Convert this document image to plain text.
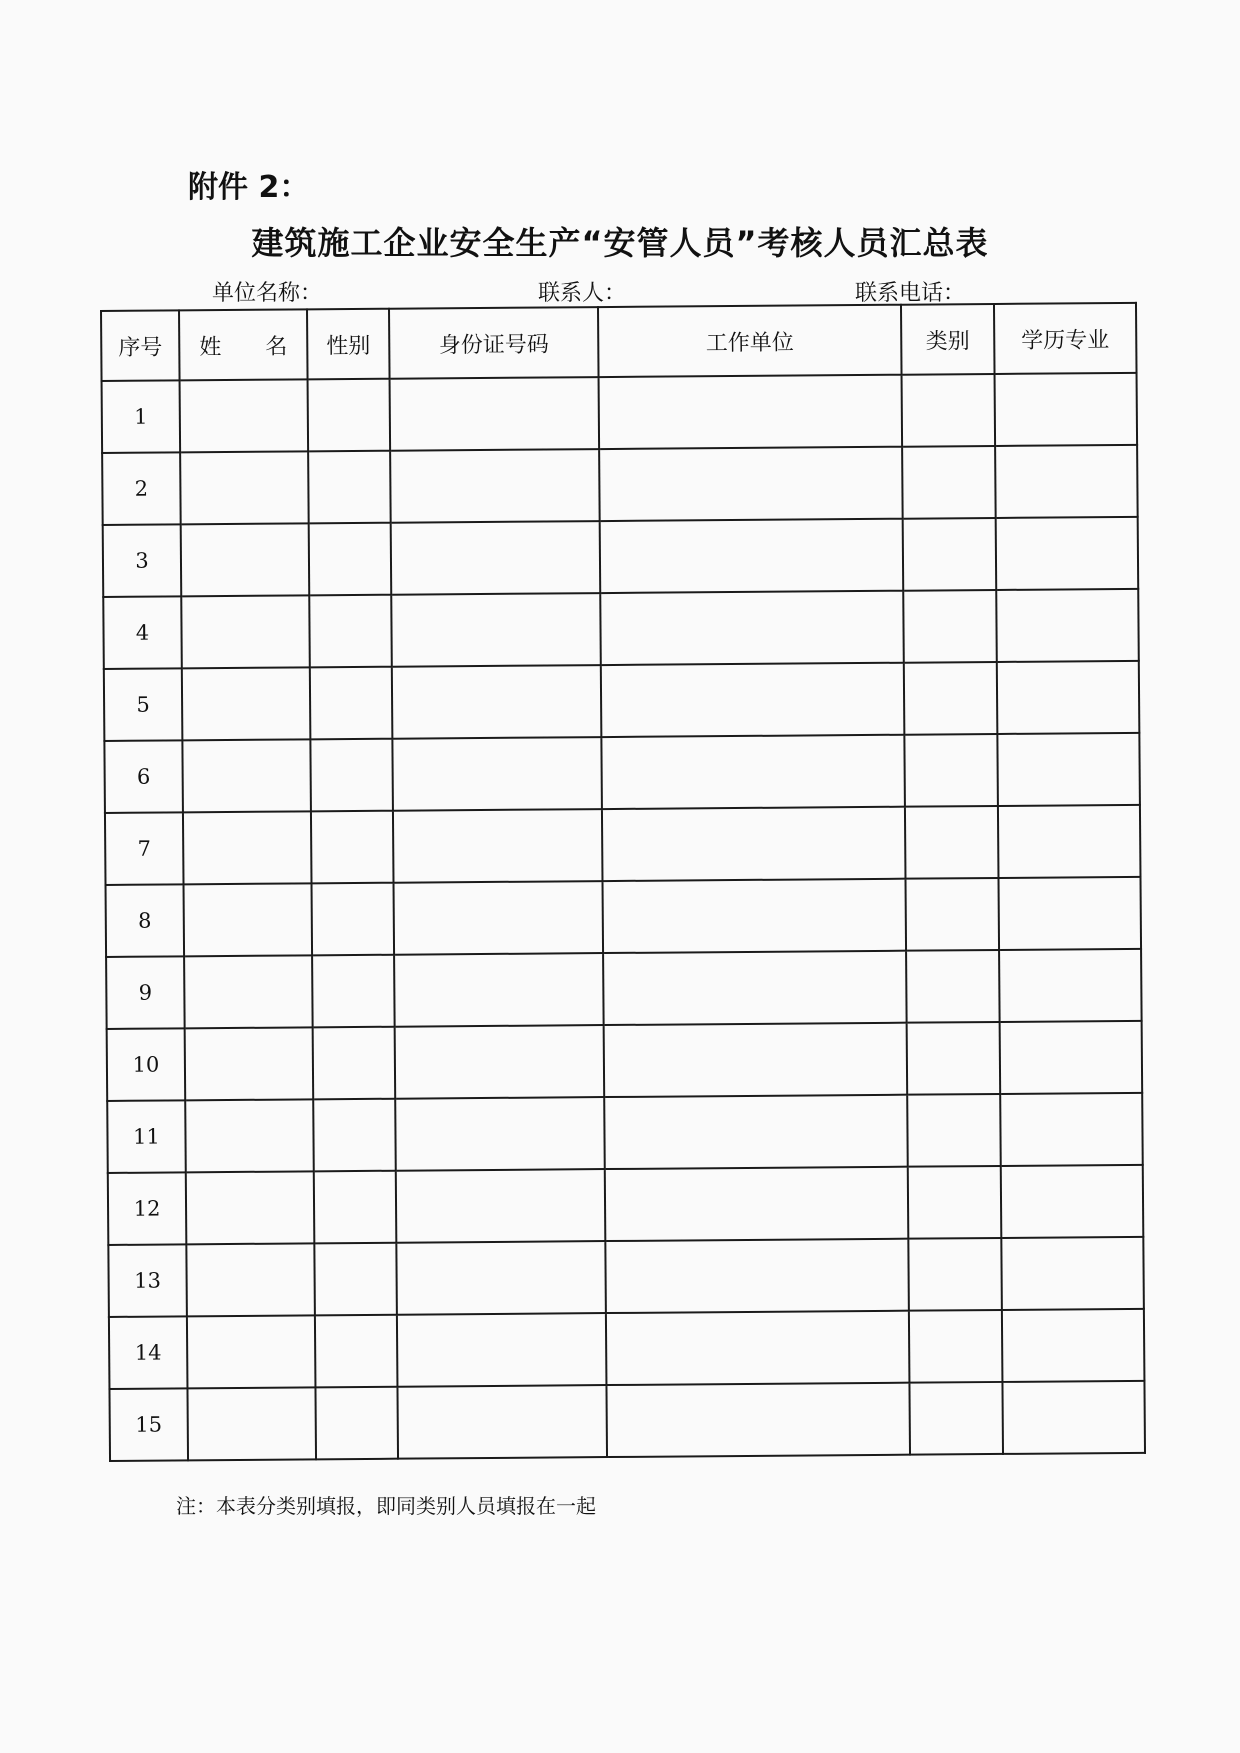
附件 2：
建筑施工企业安全生产“安管人员”考核人员汇总表
单位名称：	联系人：	联系电话：
序号	姓　　名	性别	身份证号码	工作单位	类别	学历专业
1						
2						
3						
4						
5						
6						
7						
8						
9						
10						
11						
12						
13						
14						
15						
注：本表分类别填报，即同类别人员填报在一起
